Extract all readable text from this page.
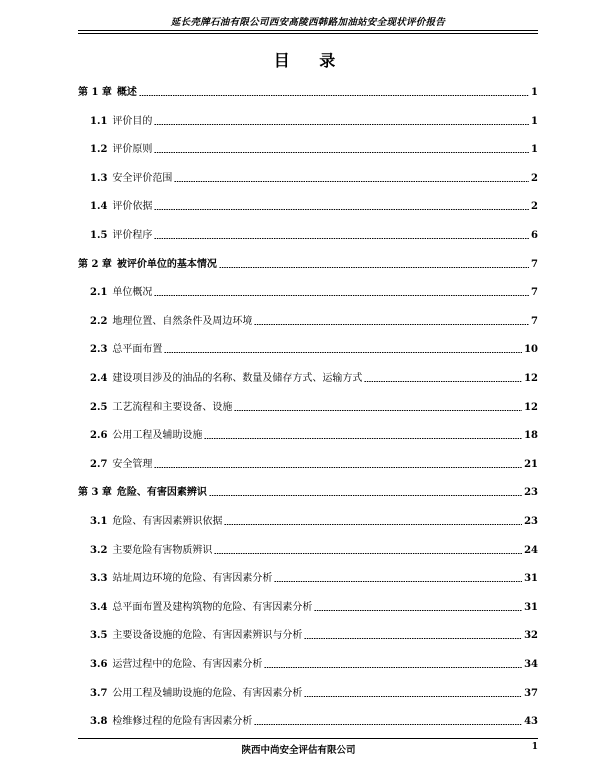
延长壳牌石油有限公司西安高陵西韩路加油站安全现状评价报告
目 录
第 1 章 概述	1
1.1 评价目的	1
1.2 评价原则	1
1.3 安全评价范围	2
1.4 评价依据	2
1.5 评价程序	6
第 2 章 被评价单位的基本情况	7
2.1 单位概况	7
2.2 地理位置、自然条件及周边环境	7
2.3 总平面布置	10
2.4 建设项目涉及的油品的名称、数量及储存方式、运输方式	12
2.5 工艺流程和主要设备、设施	12
2.6 公用工程及辅助设施	18
2.7 安全管理	21
第 3 章 危险、有害因素辨识	23
3.1 危险、有害因素辨识依据	23
3.2 主要危险有害物质辨识	24
3.3 站址周边环境的危险、有害因素分析	31
3.4 总平面布置及建构筑物的危险、有害因素分析	31
3.5 主要设备设施的危险、有害因素辨识与分析	32
3.6 运营过程中的危险、有害因素分析	34
3.7 公用工程及辅助设施的危险、有害因素分析	37
3.8 检维修过程的危险有害因素分析	43
陕西中尚安全评估有限公司	1
